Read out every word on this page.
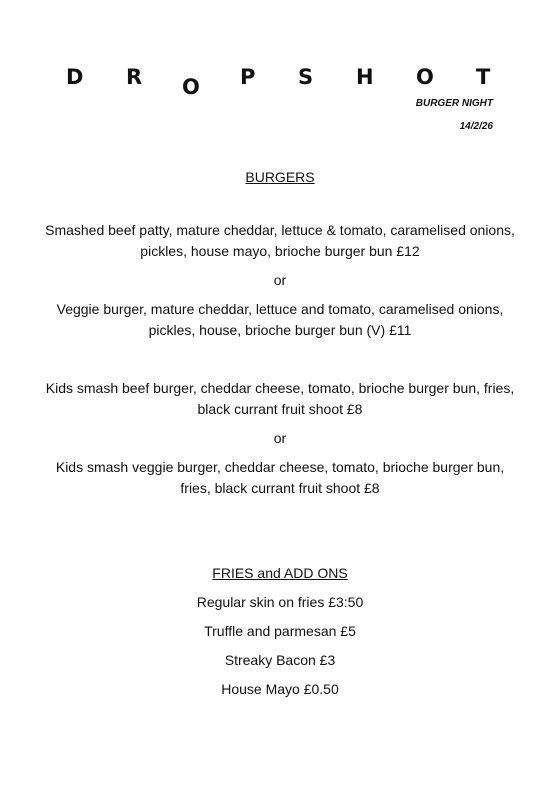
D R O P S H O T
BURGER NIGHT
14/2/26

BURGERS

Smashed beef patty, mature cheddar, lettuce & tomato, caramelised onions, pickles, house mayo, brioche burger bun £12

or

Veggie burger, mature cheddar, lettuce and tomato, caramelised onions, pickles, house, brioche burger bun (V) £11

Kids smash beef burger, cheddar cheese, tomato, brioche burger bun, fries, black currant fruit shoot £8

or

Kids smash veggie burger, cheddar cheese, tomato, brioche burger bun, fries, black currant fruit shoot £8

FRIES and ADD ONS

Regular skin on fries £3:50

Truffle and parmesan £5

Streaky Bacon £3

House Mayo £0.50
